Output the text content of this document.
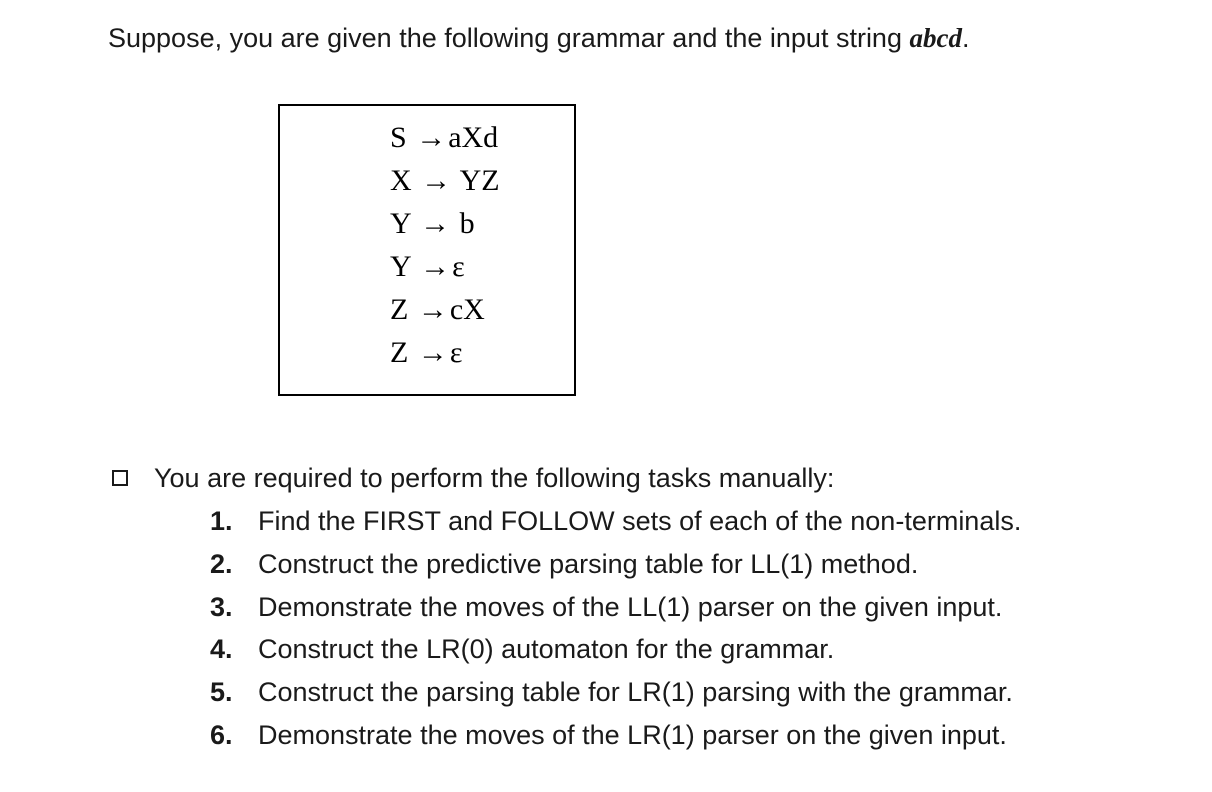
Suppose, you are given the following grammar and the input string abcd.
S →aXd
X → YZ
Y → b
Y →ε
Z →cX
Z →ε
You are required to perform the following tasks manually:
1. Find the FIRST and FOLLOW sets of each of the non-terminals.
2. Construct the predictive parsing table for LL(1) method.
3. Demonstrate the moves of the LL(1) parser on the given input.
4. Construct the LR(0) automaton for the grammar.
5. Construct the parsing table for LR(1) parsing with the grammar.
6. Demonstrate the moves of the LR(1) parser on the given input.
